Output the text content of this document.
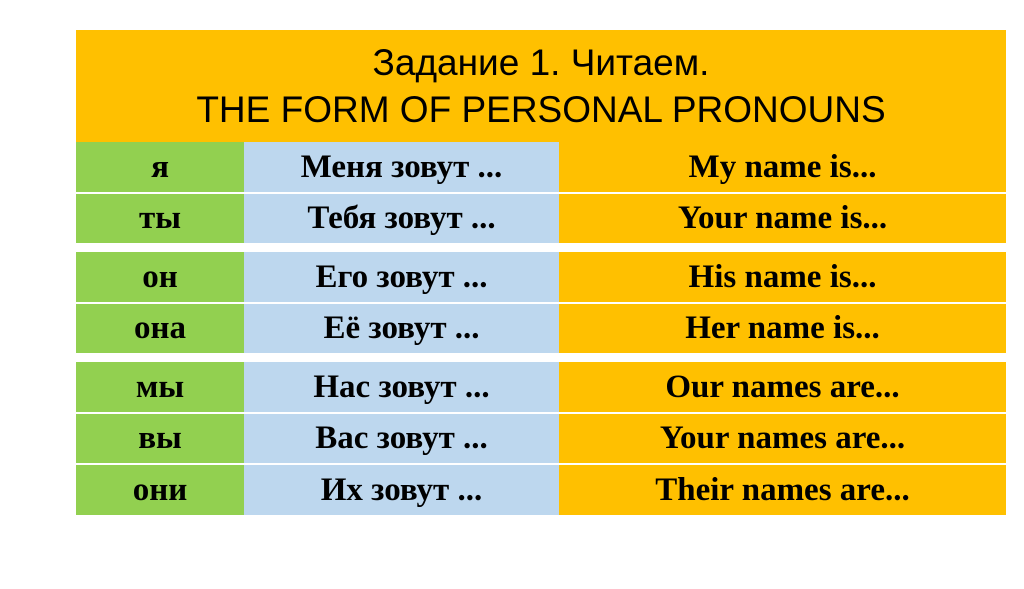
Задание 1. Читаем.
THE FORM OF PERSONAL PRONOUNS
я	Меня зовут ...	My name is...
ты	Тебя зовут ...	Your name is...

он	Его зовут ...	His name is...
она	Её зовут ...	Her name is...

мы	Нас зовут ...	Our names are...
вы	Вас зовут ...	Your names are...
они	Их зовут ...	Their names are...
